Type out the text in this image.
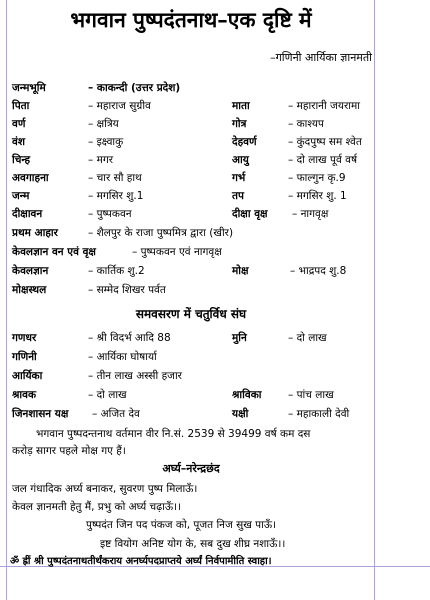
भगवान पुष्पदंतनाथ–एक दृष्टि में
–गणिनी आर्यिका ज्ञानमती
जन्मभूमि	– काकन्दी (उत्तर प्रदेश)
पिता	– महाराज सुग्रीव	माता	– महारानी जयरामा
वर्ण	– क्षत्रिय	गोत्र	– काश्यप
वंश	– इक्ष्वाकु	देहवर्ण	– कुंदपुष्प सम श्वेत
चिन्ह	– मगर	आयु	– दो लाख पूर्व वर्ष
अवगाहना	– चार सौ हाथ	गर्भ	– फाल्गुन कृ.9
जन्म	– मगसिर शु.1	तप	– मगसिर शु. 1
दीक्षावन	– पुष्पकवन	दीक्षा वृक्ष – नागवृक्ष
प्रथम आहार	– शैलपुर के राजा पुष्पमित्र द्वारा (खीर)
केवलज्ञान वन एवं वृक्ष	– पुष्पकवन एवं नागवृक्ष
केवलज्ञान	– कार्तिक शु.2	मोक्ष	– भाद्रपद शु.8
मोक्षस्थल	– सम्मेद शिखर पर्वत
समवसरण में चतुर्विध संघ
गणधर	– श्री विदर्भ आदि 88	मुनि	– दो लाख
गणिनी	– आर्यिका घोषार्या
आर्यिका	– तीन लाख अस्सी हजार
श्रावक	– दो लाख	श्राविका	– पांच लाख
जिनशासन यक्ष – अजित देव	यक्षी	– महाकाली देवी
भगवान पुष्पदन्तनाथ वर्तमान वीर नि.सं. 2539 से 39499 वर्ष कम दस
करोड़ सागर पहले मोक्ष गए हैं।
अर्घ्य–नरेन्द्रछंद
जल गंधादिक अर्घ्य बनाकर, सुवरण पुष्प मिलाऊँ।
केवल ज्ञानमती हेतु मैं, प्रभु को अर्घ्य चढ़ाऊँ।।
पुष्पदंत जिन पद पंकज को, पूजत निज सुख पाऊँ।
इष्ट वियोग अनिष्ट योग के, सब दुख शीघ्र नशाऊँ।।
ॐ ह्रीं श्री पुष्पदंतनाथतीर्थंकराय अनर्घ्यपदप्राप्तये अर्घ्यं निर्वपामीति स्वाहा।
